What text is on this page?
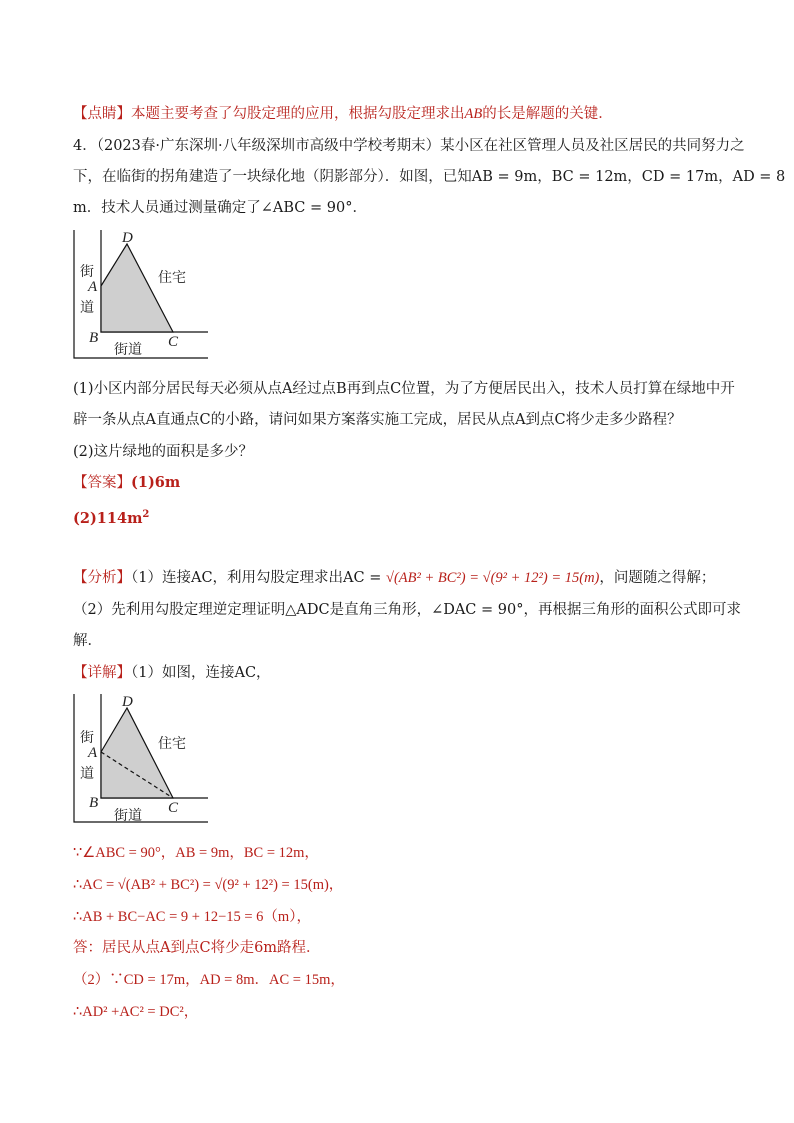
【点睛】本题主要考查了勾股定理的应用，根据勾股定理求出AB的长是解题的关键．
4．（2023春·广东深圳·八年级深圳市高级中学校考期末）某小区在社区管理人员及社区居民的共同努力之
下，在临街的拐角建造了一块绿化地（阴影部分）．如图，已知AB = 9m，BC = 12m，CD = 17m，AD = 8
m．技术人员通过测量确定了∠ABC = 90°．
D
A
B	C
街
道
街道
住宅
(1)小区内部分居民每天必须从点A经过点B再到点C位置，为了方便居民出入，技术人员打算在绿地中开
辟一条从点A直通点C的小路，请问如果方案落实施工完成，居民从点A到点C将少走多少路程？
(2)这片绿地的面积是多少？
【答案】(1)6m
$(2)114m^2$
【分析】（1）连接AC，利用勾股定理求出AC = √(AB² + BC²) = √(9² + 12²) = 15(m)，问题随之得解；
（2）先利用勾股定理逆定理证明△ADC是直角三角形，∠DAC = 90°，再根据三角形的面积公式即可求
解．
【详解】（1）如图，连接AC，
D
A
B	C
街
道
街道
住宅
∵∠ABC = 90°，AB = 9m，BC = 12m，
∴AC = √(AB² + BC²) = √(9² + 12²) = 15(m)，
∴AB + BC−AC = 9 + 12−15 = 6（m），
答：居民从点A到点C将少走6m路程．
（2）∵CD = 17m，AD = 8m．AC = 15m，
∴AD² +AC² = DC²，
